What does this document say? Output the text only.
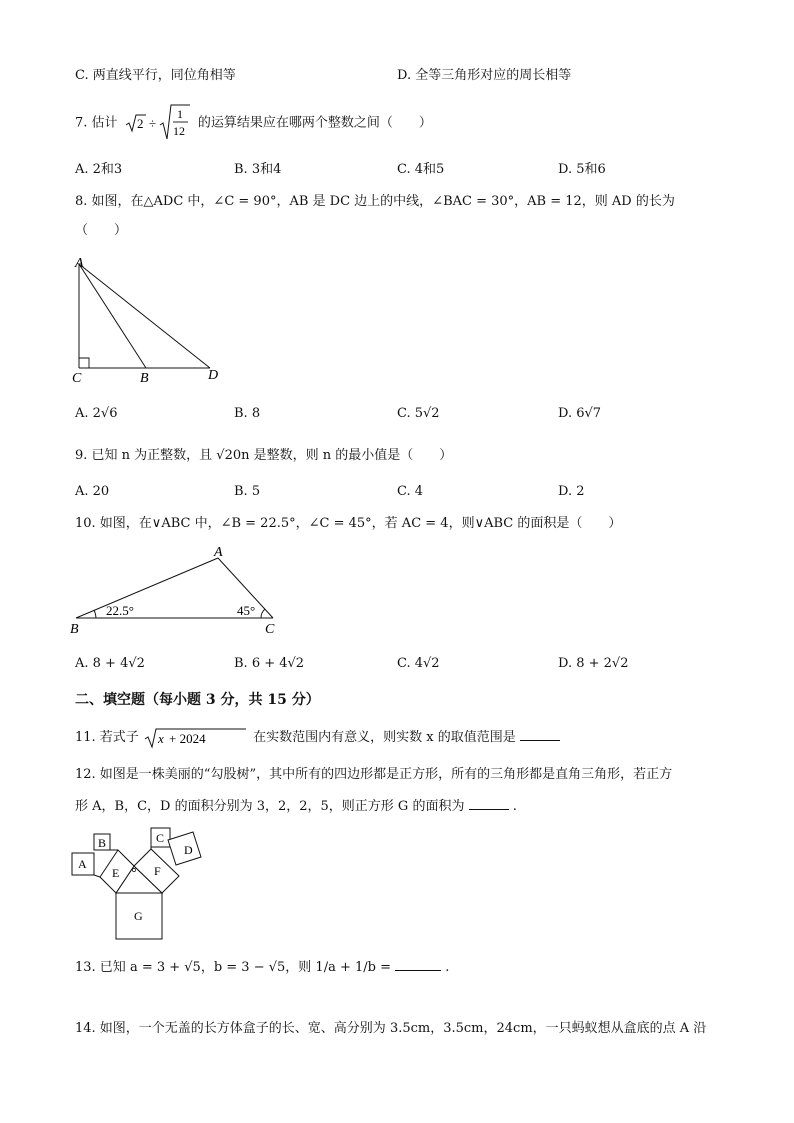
C. 两直线平行，同位角相等	D. 全等三角形对应的周长相等
7. 估计 2 ÷
1
12
的运算结果应在哪两个整数之间（　　）
A. 2和3	B. 3和4	C. 4和5	D. 5和6
8. 如图，在△ADC 中，∠C = 90°，AB 是 DC 边上的中线，∠BAC = 30°，AB = 12，则 AD 的长为
（　　）
A
C	B	D
A. 2√6	B. 8	C. 5√2	D. 6√7
9. 已知 n 为正整数，且 √20n 是整数，则 n 的最小值是（　　）
A. 20	B. 5	C. 4	D. 2
10. 如图，在∨ABC 中，∠B = 22.5°，∠C = 45°，若 AC = 4，则∨ABC 的面积是（　　）
A
B	C
22.5°	45°
A. 8 + 4√2	B. 6 + 4√2	C. 4√2	D. 8 + 2√2
二、填空题（每小题 3 分，共 15 分）
11. 若式子 x + 2024	在实数范围内有意义，则实数 x 的取值范围是
12. 如图是一株美丽的“勾股树”，其中所有的四边形都是正方形，所有的三角形都是直角三角形，若正方
形 A，B，C，D 的面积分别为 3，2，2，5，则正方形 G 的面积为	.
A
B	C
D
E	F
G
13. 已知 a = 3 + √5，b = 3 − √5，则 1/a + 1/b =	.
14. 如图，一个无盖的长方体盒子的长、宽、高分别为 3.5cm，3.5cm，24cm，一只蚂蚁想从盒底的点 A 沿
